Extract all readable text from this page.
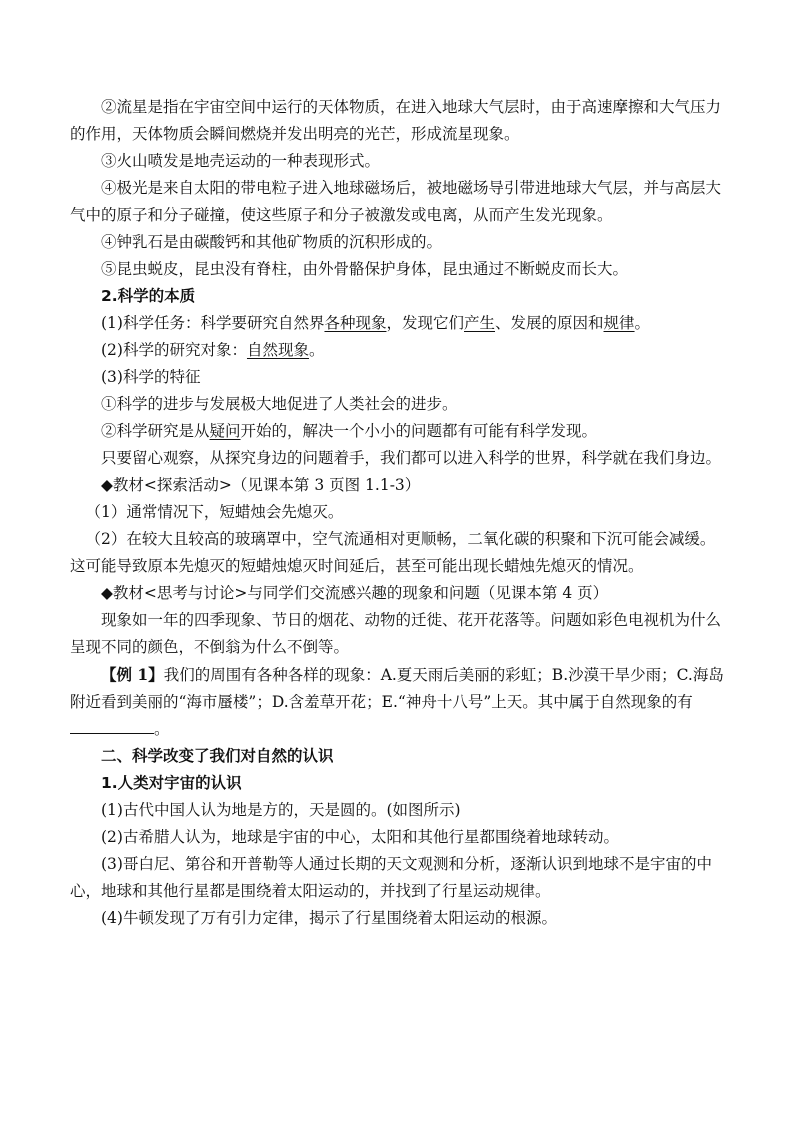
②流星是指在宇宙空间中运行的天体物质，在进入地球大气层时，由于高速摩擦和大气压力的作用，天体物质会瞬间燃烧并发出明亮的光芒，形成流星现象。

③火山喷发是地壳运动的一种表现形式。

④极光是来自太阳的带电粒子进入地球磁场后，被地磁场导引带进地球大气层，并与高层大气中的原子和分子碰撞，使这些原子和分子被激发或电离，从而产生发光现象。

④钟乳石是由碳酸钙和其他矿物质的沉积形成的。

⑤昆虫蜕皮，昆虫没有脊柱，由外骨骼保护身体，昆虫通过不断蜕皮而长大。

2.科学的本质

(1)科学任务：科学要研究自然界各种现象，发现它们产生、发展的原因和规律。

(2)科学的研究对象：自然现象。

(3)科学的特征

①科学的进步与发展极大地促进了人类社会的进步。

②科学研究是从疑问开始的，解决一个小小的问题都有可能有科学发现。

只要留心观察，从探究身边的问题着手，我们都可以进入科学的世界，科学就在我们身边。

◆教材<探索活动>（见课本第 3 页图 1.1-3）

（1）通常情况下，短蜡烛会先熄灭。

（2）在较大且较高的玻璃罩中，空气流通相对更顺畅，二氧化碳的积聚和下沉可能会减缓。这可能导致原本先熄灭的短蜡烛熄灭时间延后，甚至可能出现长蜡烛先熄灭的情况。

◆教材<思考与讨论>与同学们交流感兴趣的现象和问题（见课本第 4 页）

现象如一年的四季现象、节日的烟花、动物的迁徙、花开花落等。问题如彩色电视机为什么呈现不同的颜色，不倒翁为什么不倒等。

【例 1】我们的周围有各种各样的现象：A.夏天雨后美丽的彩虹；B.沙漠干旱少雨；C.海岛附近看到美丽的“海市蜃楼”；D.含羞草开花；E.“神舟十八号”上天。其中属于自然现象的有。

二、科学改变了我们对自然的认识

1.人类对宇宙的认识

(1)古代中国人认为地是方的，天是圆的。(如图所示)

(2)古希腊人认为，地球是宇宙的中心，太阳和其他行星都围绕着地球转动。

(3)哥白尼、第谷和开普勒等人通过长期的天文观测和分析，逐渐认识到地球不是宇宙的中心，地球和其他行星都是围绕着太阳运动的，并找到了行星运动规律。

(4)牛顿发现了万有引力定律，揭示了行星围绕着太阳运动的根源。
